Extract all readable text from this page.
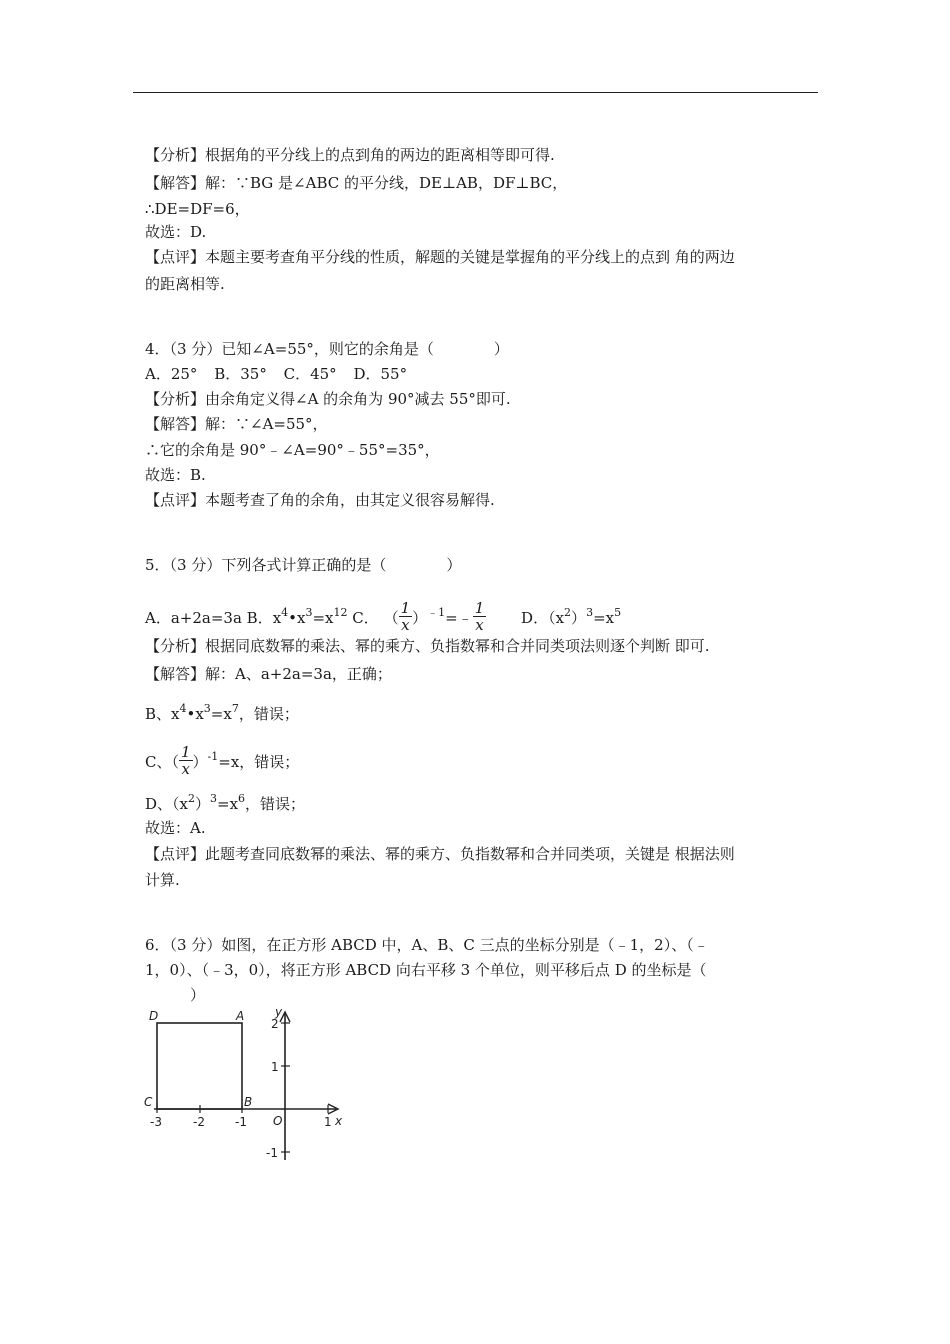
【分析】根据角的平分线上的点到角的两边的距离相等即可得.
【解答】解：∵BG 是∠ABC 的平分线，DE⊥AB，DF⊥BC，
∴DE=DF=6，
故选：D.
【点评】本题主要考查角平分线的性质，解题的关键是掌握角的平分线上的点到 角的两边
的距离相等.
4．（3 分）已知∠A=55°，则它的余角是（　　　　）
A．25° B．35° C．45° D．55°
【分析】由余角定义得∠A 的余角为 90°减去 55°即可.
【解答】解：∵∠A=55°，
∴它的余角是 90°﹣∠A=90°﹣55°=35°，
故选：B.
【点评】本题考查了角的余角，由其定义很容易解得.
5．（3 分）下列各式计算正确的是（　　　　）
A．a+2a=3a B．$x^4•x^3=x^{12}$ C． （ $\frac{1}{x}$ ）$^{﹣1}$=﹣ $\frac{1}{x}$ D．$(x^2)^3=x^5$
【分析】根据同底数幂的乘法、幂的乘方、负指数幂和合并同类项法则逐个判断 即可.
【解答】解：A、a+2a=3a，正确；
B、$x^4•x^3=x^7$，错误；
C、（ $\frac{1}{x} )^{-1}=x$，错误；
D、$(x^2)^3=x^6$，错误；
故选：A.
【点评】此题考查同底数幂的乘法、幂的乘方、负指数幂和合并同类项，关键是 根据法则
计算.
6．（3 分）如图，在正方形 ABCD 中，A、B、C 三点的坐标分别是（﹣1，2）、（﹣
1，0）、（﹣3，0），将正方形 ABCD 向右平移 3 个单位，则平移后点 D 的坐标是（
）
D	A
C	B
y
x
O
-3	-2	-1	1
2
1
-1
